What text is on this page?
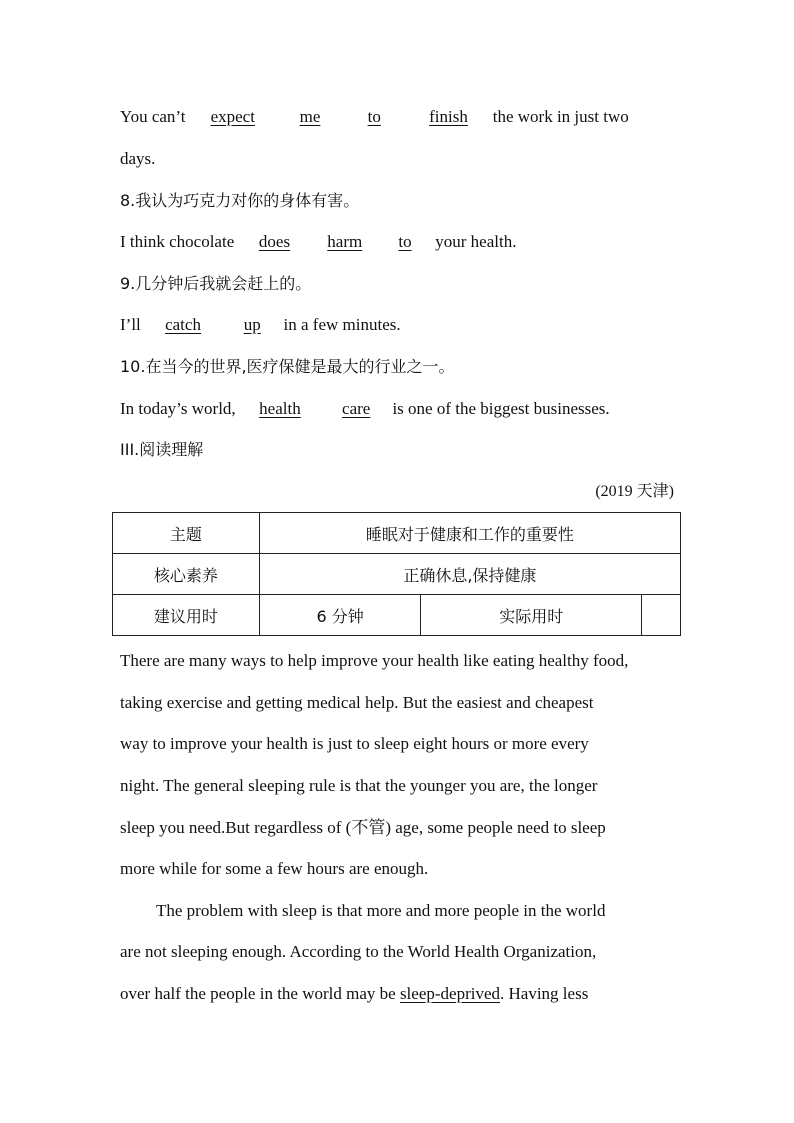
You can’t expect	me	to	finish the work in just two
days.
8.我认为巧克力对你的身体有害。
I think chocolate does harm to your health.
9.几分钟后我就会赶上的。
I’ll catch	up in a few minutes.
10.在当今的世界,医疗保健是最大的行业之一。
In today’s world, health care is one of the biggest businesses.
III.阅读理解
(2019 天津)
主题	睡眠对于健康和工作的重要性		
核心素养	正确休息,保持健康		
建议用时	6 分钟	实际用时	
There are many ways to help improve your health like eating healthy food,
taking exercise and getting medical help. But the easiest and cheapest
way to improve your health is just to sleep eight hours or more every
night. The general sleeping rule is that the younger you are, the longer
sleep you need.But regardless of (不管) age, some people need to sleep
more while for some a few hours are enough.
The problem with sleep is that more and more people in the world
are not sleeping enough. According to the World Health Organization,
over half the people in the world may be sleep-deprived. Having less
